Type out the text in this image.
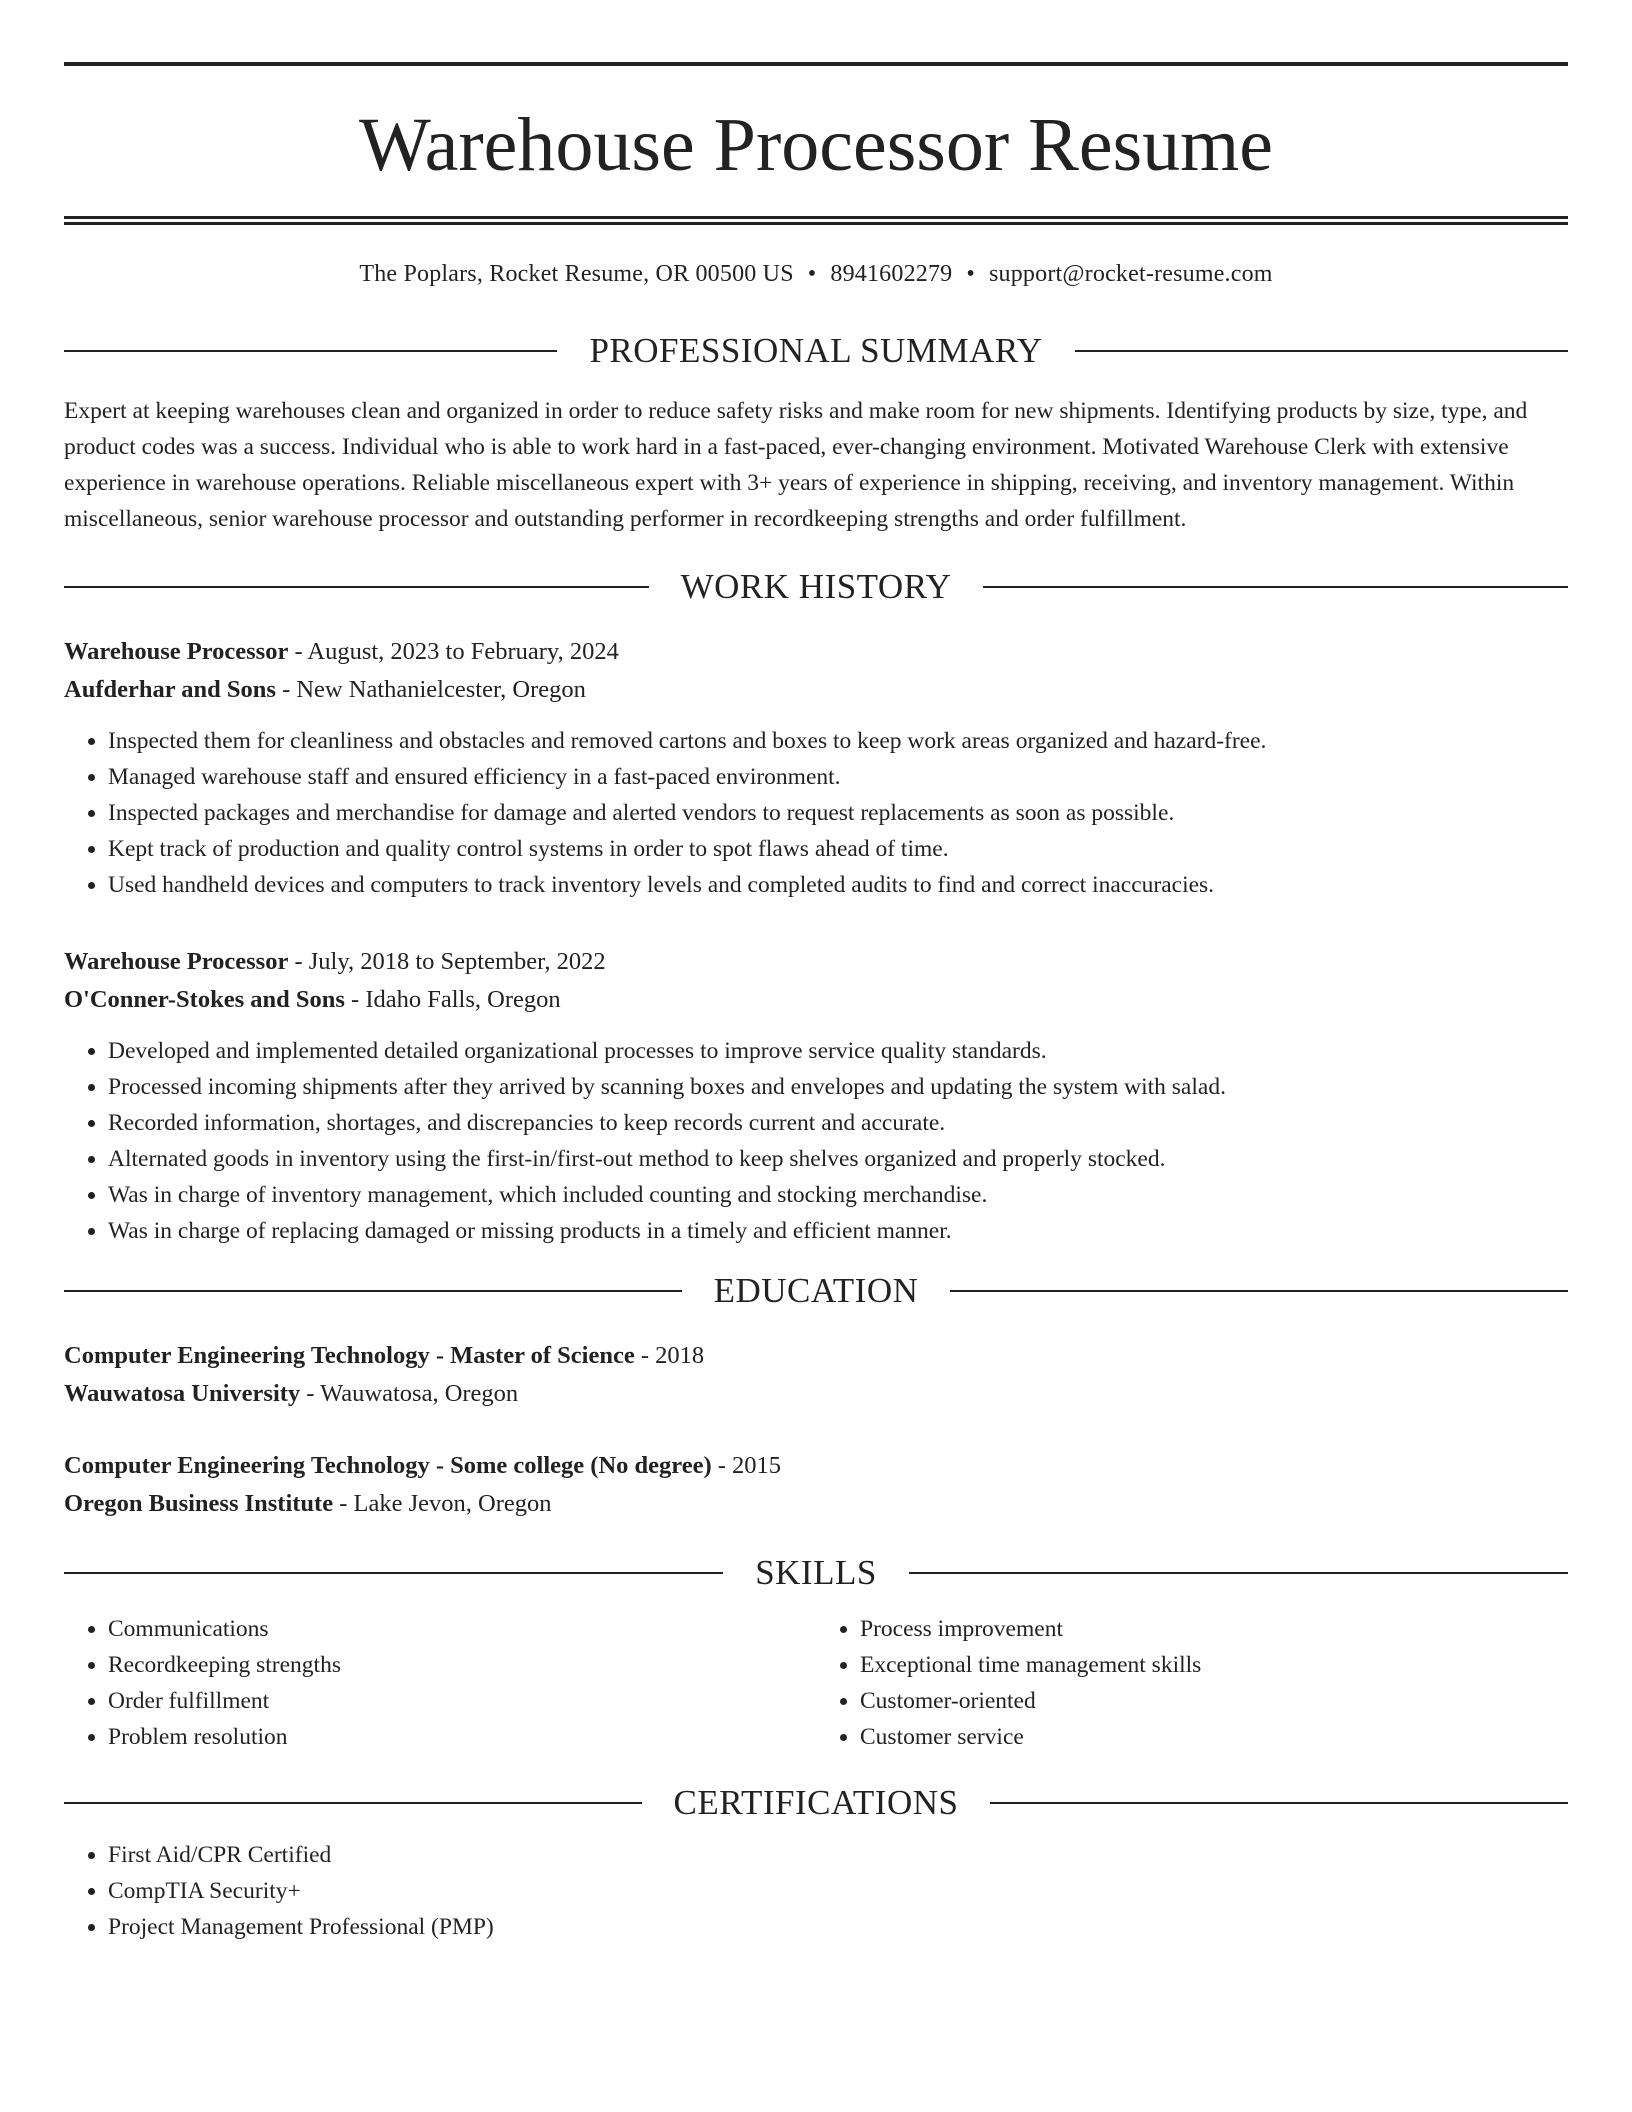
Warehouse Processor Resume
The Poplars, Rocket Resume, OR 00500 US • 8941602279 • support@rocket-resume.com
PROFESSIONAL SUMMARY

Expert at keeping warehouses clean and organized in order to reduce safety risks and make room for new shipments. Identifying products by size, type, and product codes was a success. Individual who is able to work hard in a fast-paced, ever-changing environment. Motivated Warehouse Clerk with extensive experience in warehouse operations. Reliable miscellaneous expert with 3+ years of experience in shipping, receiving, and inventory management. Within miscellaneous, senior warehouse processor and outstanding performer in recordkeeping strengths and order fulfillment.

WORK HISTORY
Warehouse Processor - August, 2023 to February, 2024
Aufderhar and Sons - New Nathanielcester, Oregon
• Inspected them for cleanliness and obstacles and removed cartons and boxes to keep work areas organized and hazard-free.
• Managed warehouse staff and ensured efficiency in a fast-paced environment.
• Inspected packages and merchandise for damage and alerted vendors to request replacements as soon as possible.
• Kept track of production and quality control systems in order to spot flaws ahead of time.
• Used handheld devices and computers to track inventory levels and completed audits to find and correct inaccuracies.
Warehouse Processor - July, 2018 to September, 2022
O'Conner-Stokes and Sons - Idaho Falls, Oregon
• Developed and implemented detailed organizational processes to improve service quality standards.
• Processed incoming shipments after they arrived by scanning boxes and envelopes and updating the system with salad.
• Recorded information, shortages, and discrepancies to keep records current and accurate.
• Alternated goods in inventory using the first-in/first-out method to keep shelves organized and properly stocked.
• Was in charge of inventory management, which included counting and stocking merchandise.
• Was in charge of replacing damaged or missing products in a timely and efficient manner.
EDUCATION
Computer Engineering Technology - Master of Science - 2018
Wauwatosa University - Wauwatosa, Oregon
Computer Engineering Technology - Some college (No degree) - 2015
Oregon Business Institute - Lake Jevon, Oregon
SKILLS
• Communications
• Recordkeeping strengths
• Order fulfillment
• Problem resolution
• Process improvement
• Exceptional time management skills
• Customer-oriented
• Customer service
CERTIFICATIONS
• First Aid/CPR Certified
• CompTIA Security+
• Project Management Professional (PMP)
